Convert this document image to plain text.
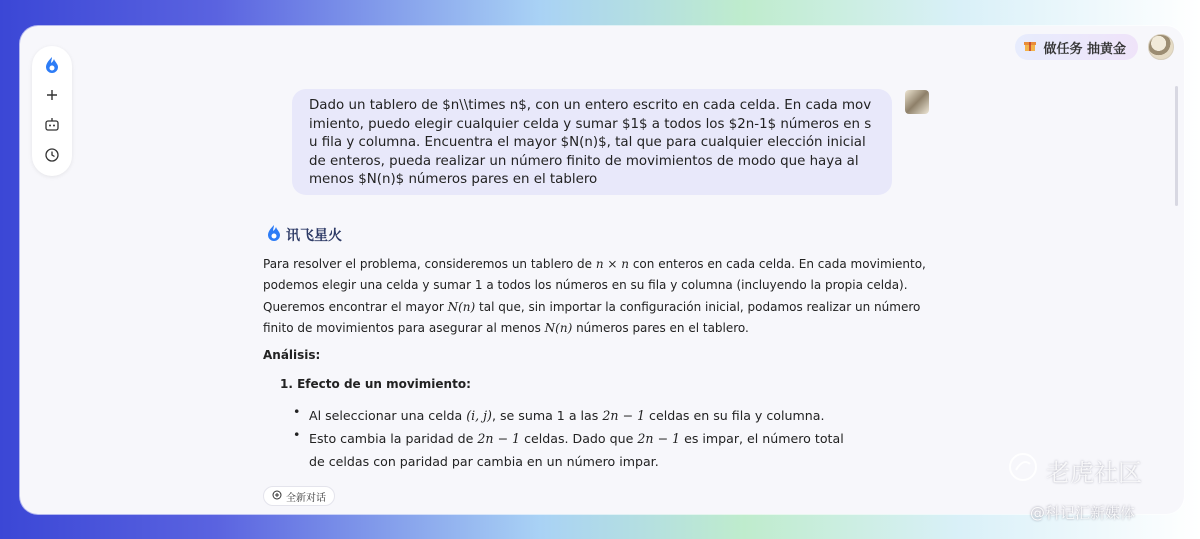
做任务 抽黄金
Dado un tablero de $n\\times n$, con un entero escrito en cada celda. En cada mov
imiento, puedo elegir cualquier celda y sumar $1$ a todos los $2n-1$ números en s
u fila y columna. Encuentra el mayor $N(n)$, tal que para cualquier elección inicial
de enteros, pueda realizar un número finito de movimientos de modo que haya al
menos $N(n)$ números pares en el tablero
讯飞星火
Para resolver el problema, consideremos un tablero de n × n con enteros en cada celda. En cada movimiento,
podemos elegir una celda y sumar 1 a todos los números en su fila y columna (incluyendo la propia celda).
Queremos encontrar el mayor N(n) tal que, sin importar la configuración inicial, podamos realizar un número
finito de movimientos para asegurar al menos N(n) números pares en el tablero.
Análisis:
1. Efecto de un movimiento:
• Al seleccionar una celda (i, j), se suma 1 a las 2n − 1 celdas en su fila y columna.
• Esto cambia la paridad de 2n − 1 celdas. Dado que 2n − 1 es impar, el número total
de celdas con paridad par cambia en un número impar.
全新对话
老虎社区
@科记汇新媒体
